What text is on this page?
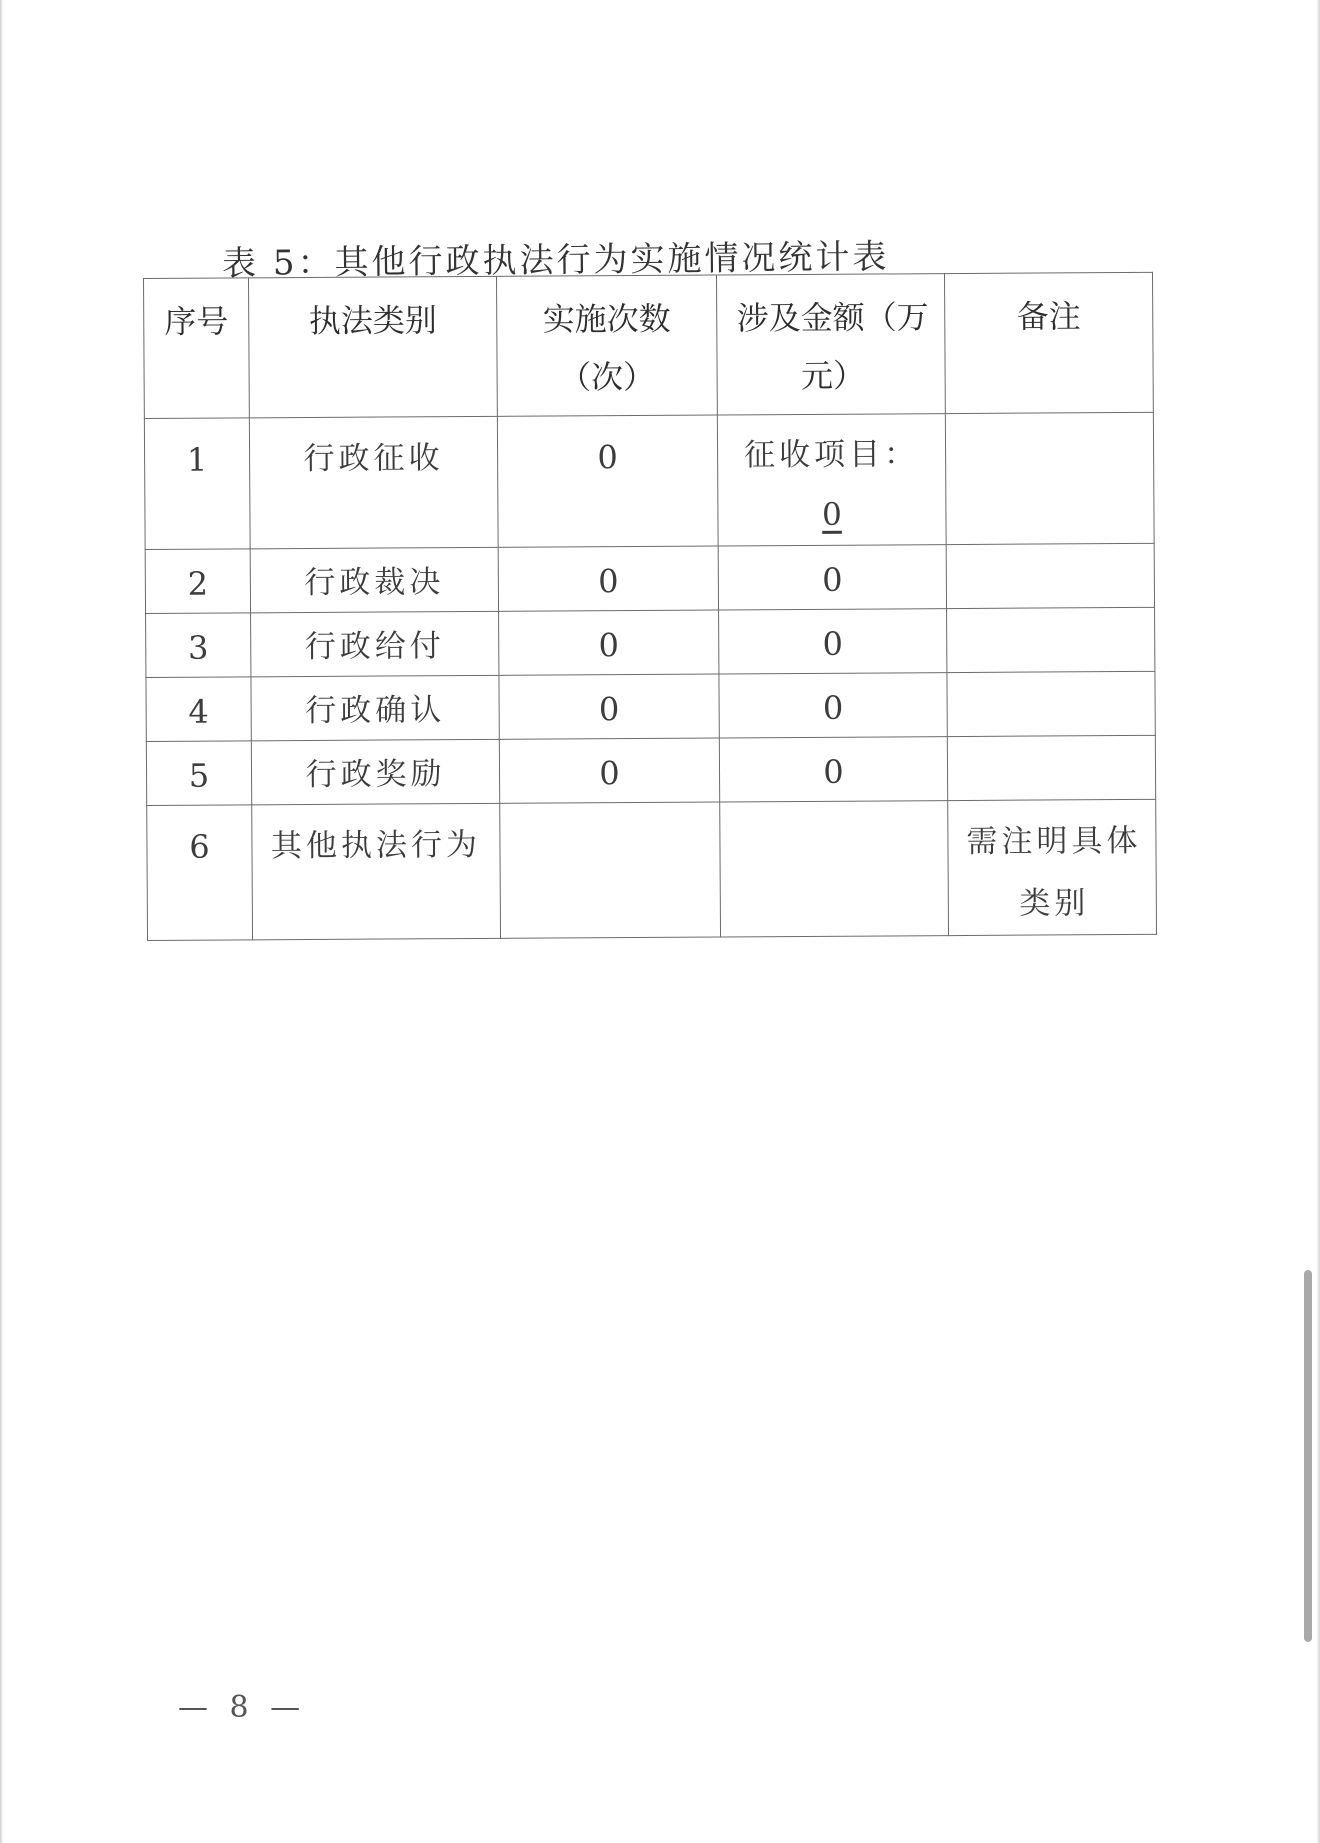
表 5：其他行政执法行为实施情况统计表
序号	执法类别	实施次数（次）	涉及金额（万元）	备注
1	行政征收	0	征收项目：
0	

2	行政裁决	0	0	
3	行政给付	0	0	
4	行政确认	0	0	
5	行政奖励	0	0	
6	其他执法行为			需注明具体类别
— 8 —
